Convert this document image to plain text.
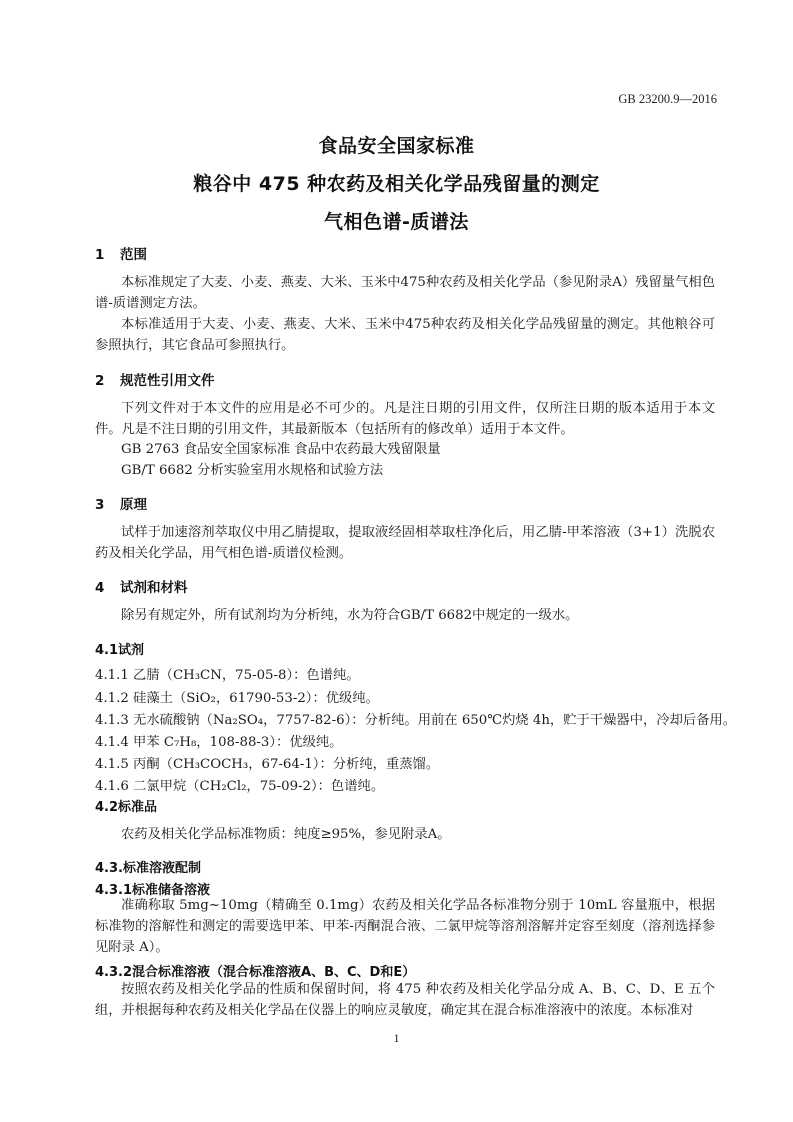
GB 23200.9—2016
食品安全国家标准
粮谷中 475 种农药及相关化学品残留量的测定
气相色谱-质谱法
1 范围
本标准规定了大麦、小麦、燕麦、大米、玉米中475种农药及相关化学品（参见附录A）残留量气相色谱-质谱测定方法。
本标准适用于大麦、小麦、燕麦、大米、玉米中475种农药及相关化学品残留量的测定。其他粮谷可参照执行，其它食品可参照执行。
2 规范性引用文件
下列文件对于本文件的应用是必不可少的。凡是注日期的引用文件，仅所注日期的版本适用于本文件。凡是不注日期的引用文件，其最新版本（包括所有的修改单）适用于本文件。
GB 2763 食品安全国家标准 食品中农药最大残留限量
GB/T 6682 分析实验室用水规格和试验方法
3 原理
试样于加速溶剂萃取仪中用乙腈提取，提取液经固相萃取柱净化后，用乙腈-甲苯溶液（3+1）洗脱农药及相关化学品，用气相色谱-质谱仪检测。
4 试剂和材料
除另有规定外，所有试剂均为分析纯，水为符合GB/T 6682中规定的一级水。
4.1试剂
4.1.1 乙腈（CH₃CN，75-05-8）：色谱纯。
4.1.2 硅藻土（SiO₂，61790-53-2）：优级纯。
4.1.3 无水硫酸钠（Na₂SO₄，7757-82-6）：分析纯。用前在 650℃灼烧 4h，贮于干燥器中，冷却后备用。
4.1.4 甲苯 C₇H₈，108-88-3）：优级纯。
4.1.5 丙酮（CH₃COCH₃，67-64-1）：分析纯，重蒸馏。
4.1.6 二氯甲烷（CH₂Cl₂，75-09-2）：色谱纯。
4.2标准品
农药及相关化学品标准物质：纯度≥95%，参见附录A。
4.3.标准溶液配制
4.3.1标准储备溶液
准确称取 5mg~10mg（精确至 0.1mg）农药及相关化学品各标准物分别于 10mL 容量瓶中，根据标准物的溶解性和测定的需要选甲苯、甲苯-丙酮混合液、二氯甲烷等溶剂溶解并定容至刻度（溶剂选择参见附录 A）。
4.3.2混合标准溶液（混合标准溶液A、B、C、D和E）
按照农药及相关化学品的性质和保留时间，将 475 种农药及相关化学品分成 A、B、C、D、E 五个组，并根据每种农药及相关化学品在仪器上的响应灵敏度，确定其在混合标准溶液中的浓度。本标准对
1
